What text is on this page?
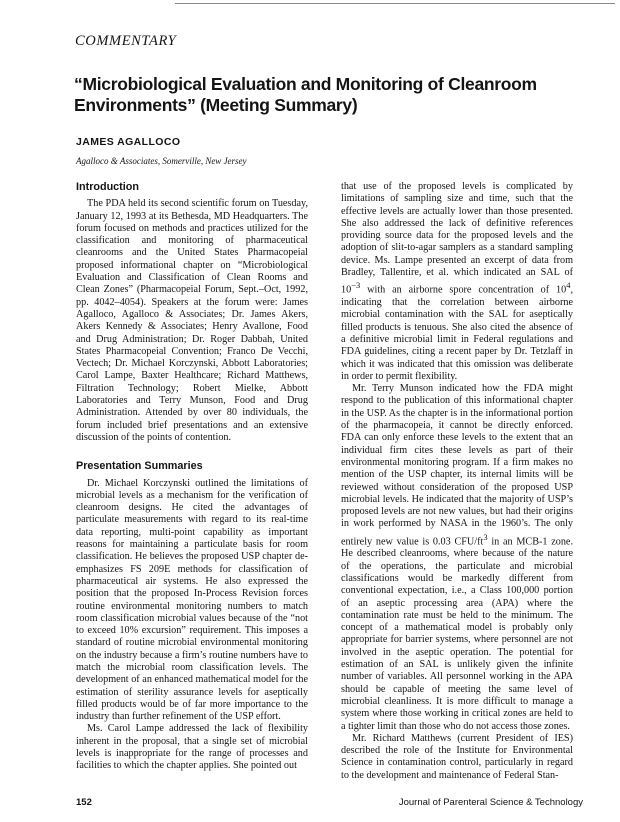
COMMENTARY
“Microbiological Evaluation and Monitoring of Cleanroom
Environments” (Meeting Summary)
JAMES AGALLOCO
Agalloco & Associates, Somerville, New Jersey
Introduction

The PDA held its second scientific forum on Tuesday, January 12, 1993 at its Bethesda, MD Headquarters. The forum focused on methods and practices utilized for the classification and monitoring of pharmaceutical cleanrooms and the United States Pharmacopeial proposed informational chapter on “Microbiological Evaluation and Classification of Clean Rooms and Clean Zones” (Pharmacopeial Forum, Sept.–Oct, 1992, pp. 4042–4054). Speakers at the forum were: James Agalloco, Agalloco & Associates; Dr. James Akers, Akers Kennedy & Associates; Henry Avallone, Food and Drug Administration; Dr. Roger Dabbah, United States Pharmacopeial Convention; Franco De Vecchi, Vectech; Dr. Michael Korczynski, Abbott Laboratories; Carol Lampe, Baxter Healthcare; Richard Matthews, Filtration Technology; Robert Mielke, Abbott Laboratories and Terry Munson, Food and Drug Administration. Attended by over 80 individuals, the forum included brief presentations and an extensive discussion of the points of contention.

Presentation Summaries

Dr. Michael Korczynski outlined the limitations of microbial levels as a mechanism for the verification of cleanroom designs. He cited the advantages of particulate measurements with regard to its real-time data reporting, multi-point capability as important reasons for maintaining a particulate basis for room classification. He believes the proposed USP chapter de-emphasizes FS 209E methods for classification of pharmaceutical air systems. He also expressed the position that the proposed In-Process Revision forces routine environmental monitoring numbers to match room classification microbial values because of the “not to exceed 10% excursion” requirement. This imposes a standard of routine microbial environmental monitoring on the industry because a firm’s routine numbers have to match the microbial room classification levels. The development of an enhanced mathematical model for the estimation of sterility assurance levels for aseptically filled products would be of far more importance to the industry than further refinement of the USP effort.

Ms. Carol Lampe addressed the lack of flexibility inherent in the proposal, that a single set of microbial levels is inappropriate for the range of processes and facilities to which the chapter applies. She pointed out

that use of the proposed levels is complicated by limitations of sampling size and time, such that the effective levels are actually lower than those presented. She also addressed the lack of definitive references providing source data for the proposed levels and the adoption of slit-to-agar samplers as a standard sampling device. Ms. Lampe presented an excerpt of data from Bradley, Tallentire, et al. which indicated an SAL of $10^{-3}$ with an airborne spore concentration of $10^4$, indicating that the correlation between airborne microbial contamination with the SAL for aseptically filled products is tenuous. She also cited the absence of a definitive microbial limit in Federal regulations and FDA guidelines, citing a recent paper by Dr. Tetzlaff in which it was indicated that this omission was deliberate in order to permit flexibility.

Mr. Terry Munson indicated how the FDA might respond to the publication of this informational chapter in the USP. As the chapter is in the informational portion of the pharmacopeia, it cannot be directly enforced. FDA can only enforce these levels to the extent that an individual firm cites these levels as part of their environmental monitoring program. If a firm makes no mention of the USP chapter, its internal limits will be reviewed without consideration of the proposed USP microbial levels. He indicated that the majority of USP’s proposed levels are not new values, but had their origins in work performed by NASA in the 1960’s. The only entirely new value is 0.03 CFU/$ft^3$ in an MCB-1 zone. He described cleanrooms, where because of the nature of the operations, the particulate and microbial classifications would be markedly different from conventional expectation, i.e., a Class 100,000 portion of an aseptic processing area (APA) where the contamination rate must be held to the minimum. The concept of a mathematical model is probably only appropriate for barrier systems, where personnel are not involved in the aseptic operation. The potential for estimation of an SAL is unlikely given the infinite number of variables. All personnel working in the APA should be capable of meeting the same level of microbial cleanliness. It is more difficult to manage a system where those working in critical zones are held to a tighter limit than those who do not access those zones.

Mr. Richard Matthews (current President of IES) described the role of the Institute for Environmental Science in contamination control, particularly in regard to the development and maintenance of Federal Stan-

152	Journal of Parenteral Science & Technology
